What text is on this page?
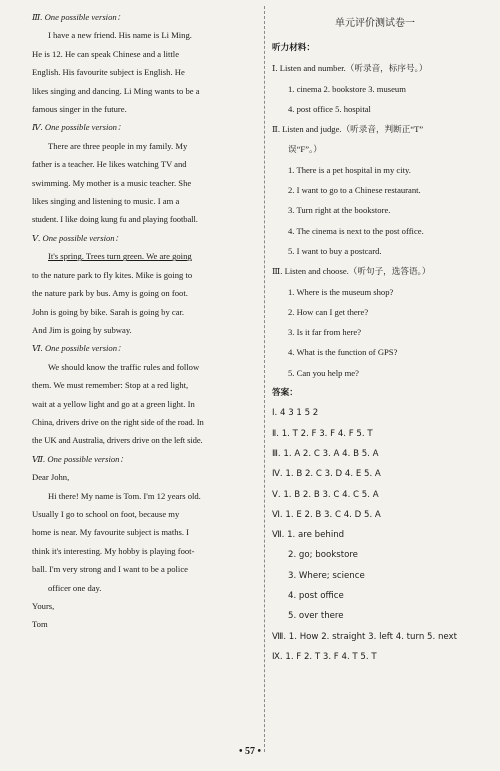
Ⅲ. One possible version：
I have a new friend. His name is Li Ming.
He is 12. He can speak Chinese and a little
English. His favourite subject is English. He
likes singing and dancing. Li Ming wants to be a
famous singer in the future.
Ⅳ. One possible version：
There are three people in my family. My
father is a teacher. He likes watching TV and
swimming. My mother is a music teacher. She
likes singing and listening to music. I am a
student. I like doing kung fu and playing football.
Ⅴ. One possible version：
It's spring. Trees turn green. We are going
to the nature park to fly kites. Mike is going to
the nature park by bus. Amy is going on foot.
John is going by bike. Sarah is going by car.
And Jim is going by subway.
Ⅵ. One possible version：
We should know the traffic rules and follow
them. We must remember: Stop at a red light,
wait at a yellow light and go at a green light. In
China, drivers drive on the right side of the road. In
the UK and Australia, drivers drive on the left side.
Ⅶ. One possible version：
Dear John,
Hi there! My name is Tom. I'm 12 years old.
Usually I go to school on foot, because my
home is near. My favourite subject is maths. I
think it's interesting. My hobby is playing foot-
ball. I'm very strong and I want to be a police
officer one day.
Yours,
Tom
单元评价测试卷一
听力材料：
Ⅰ. Listen and number.（听录音，标序号。）
1. cinema 2. bookstore 3. museum
4. post office 5. hospital
Ⅱ. Listen and judge.（听录音，判断正“T”
误“F”。）
1. There is a pet hospital in my city.
2. I want to go to a Chinese restaurant.
3. Turn right at the bookstore.
4. The cinema is next to the post office.
5. I want to buy a postcard.
Ⅲ. Listen and choose.（听句子，选答语。）
1. Where is the museum shop?
2. How can I get there?
3. Is it far from here?
4. What is the function of GPS?
5. Can you help me?
答案：
Ⅰ. 4 3 1 5 2
Ⅱ. 1. T 2. F 3. F 4. F 5. T
Ⅲ. 1. A 2. C 3. A 4. B 5. A
Ⅳ. 1. B 2. C 3. D 4. E 5. A
Ⅴ. 1. B 2. B 3. C 4. C 5. A
Ⅵ. 1. E 2. B 3. C 4. D 5. A
Ⅶ. 1. are behind
2. go; bookstore
3. Where; science
4. post office
5. over there
Ⅷ. 1. How 2. straight 3. left 4. turn 5. next
Ⅸ. 1. F 2. T 3. F 4. T 5. T
• 57 •
